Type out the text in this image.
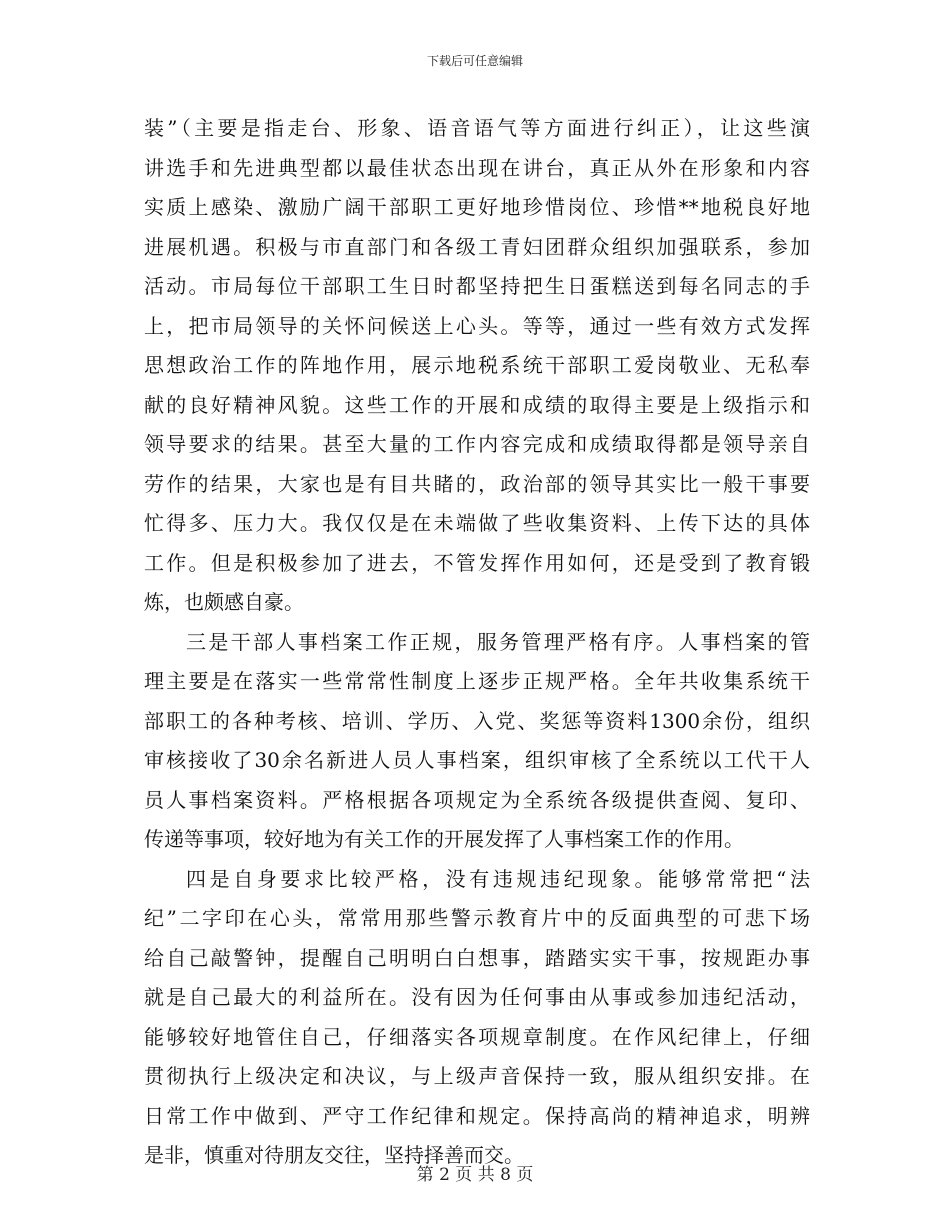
下载后可任意编辑
装”（主要是指走台、形象、语音语气等方面进行纠正），让这些演
讲选手和先进典型都以最佳状态出现在讲台，真正从外在形象和内容
实质上感染、激励广阔干部职工更好地珍惜岗位、珍惜**地税良好地
进展机遇。积极与市直部门和各级工青妇团群众组织加强联系，参加
活动。市局每位干部职工生日时都坚持把生日蛋糕送到每名同志的手
上，把市局领导的关怀问候送上心头。等等，通过一些有效方式发挥
思想政治工作的阵地作用，展示地税系统干部职工爱岗敬业、无私奉
献的良好精神风貌。这些工作的开展和成绩的取得主要是上级指示和
领导要求的结果。甚至大量的工作内容完成和成绩取得都是领导亲自
劳作的结果，大家也是有目共睹的，政治部的领导其实比一般干事要
忙得多、压力大。我仅仅是在未端做了些收集资料、上传下达的具体
工作。但是积极参加了进去，不管发挥作用如何，还是受到了教育锻
炼，也颇感自豪。
三是干部人事档案工作正规，服务管理严格有序。人事档案的管
理主要是在落实一些常常性制度上逐步正规严格。全年共收集系统干
部职工的各种考核、培训、学历、入党、奖惩等资料1300余份，组织
审核接收了30余名新进人员人事档案，组织审核了全系统以工代干人
员人事档案资料。严格根据各项规定为全系统各级提供查阅、复印、
传递等事项，较好地为有关工作的开展发挥了人事档案工作的作用。
四是自身要求比较严格，没有违规违纪现象。能够常常把“法
纪”二字印在心头，常常用那些警示教育片中的反面典型的可悲下场
给自己敲警钟，提醒自己明明白白想事，踏踏实实干事，按规距办事
就是自己最大的利益所在。没有因为任何事由从事或参加违纪活动，
能够较好地管住自己，仔细落实各项规章制度。在作风纪律上，仔细
贯彻执行上级决定和决议，与上级声音保持一致，服从组织安排。在
日常工作中做到、严守工作纪律和规定。保持高尚的精神追求，明辨
是非，慎重对待朋友交往，坚持择善而交。
第 2 页 共 8 页
